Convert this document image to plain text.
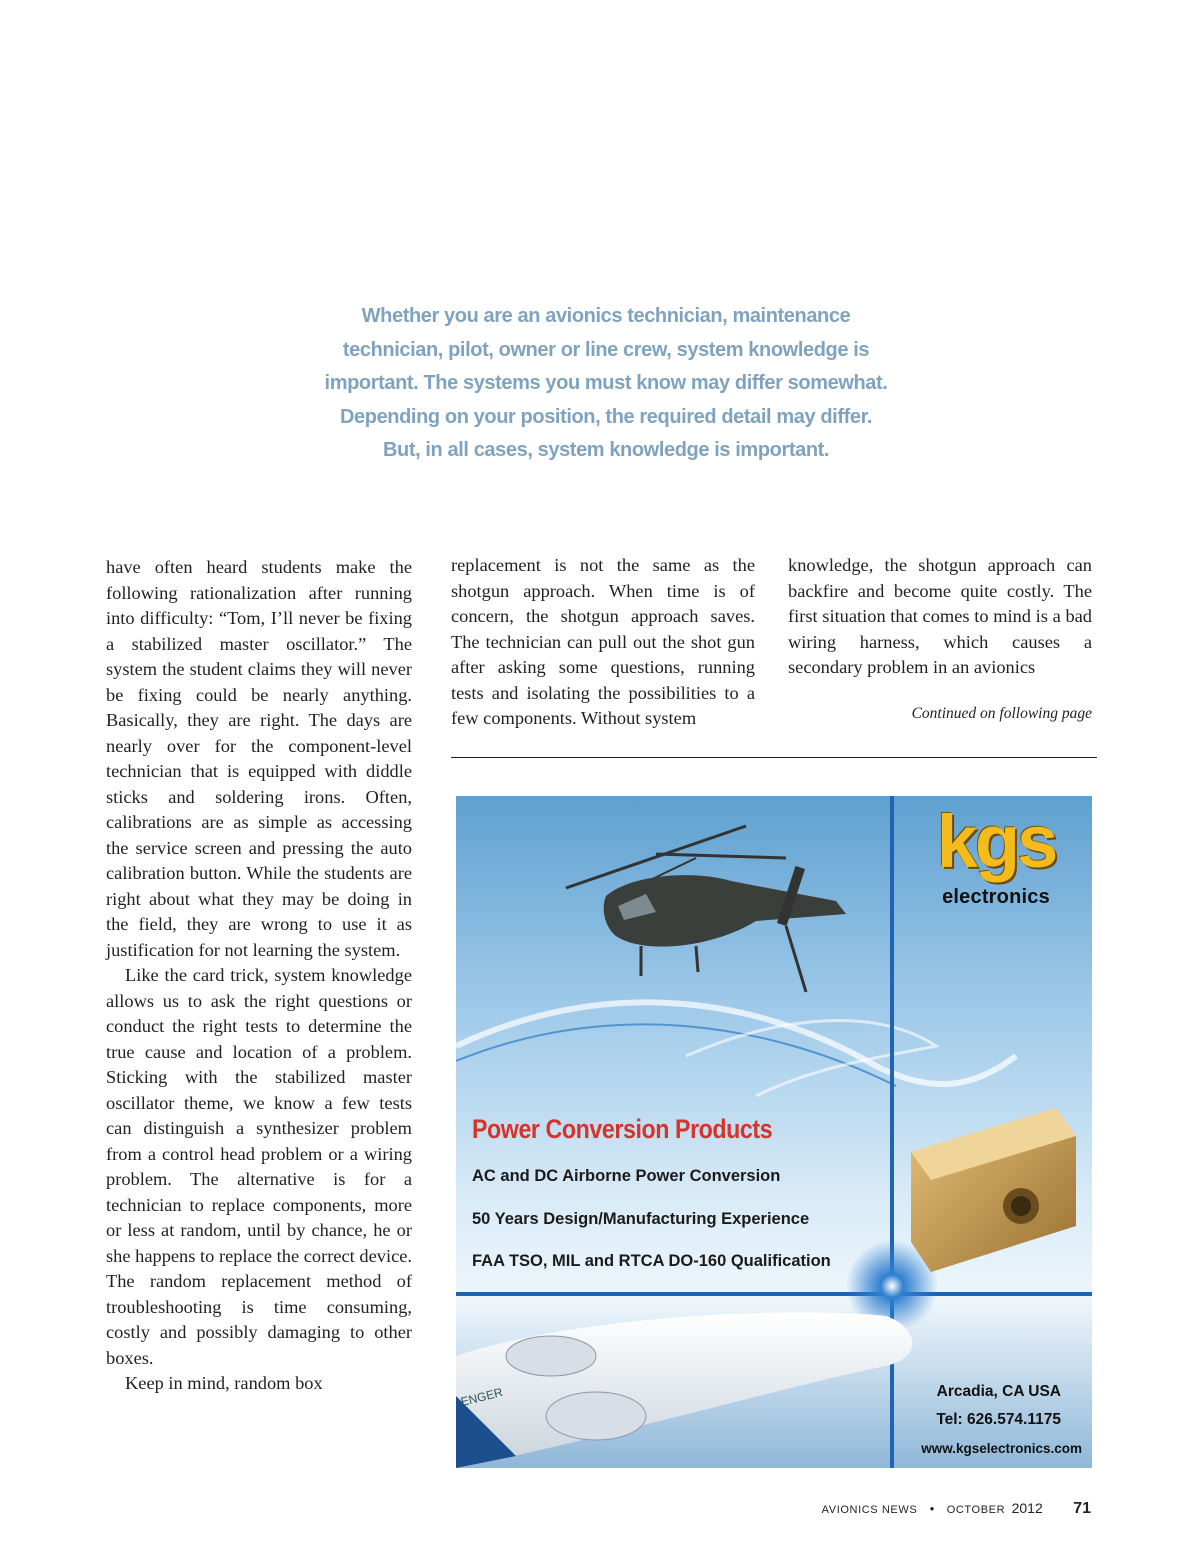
Whether you are an avionics technician, maintenance
technician, pilot, owner or line crew, system knowledge is
important. The systems you must know may differ somewhat.
Depending on your position, the required detail may differ.
But, in all cases, system knowledge is important.

have often heard students make the following rationalization after running into difficulty: “Tom, I’ll never be fixing a stabilized master oscillator.” The system the student claims they will never be fixing could be nearly anything. Basically, they are right. The days are nearly over for the component-level technician that is equipped with diddle sticks and soldering irons. Often, calibrations are as simple as accessing the service screen and pressing the auto calibration button. While the students are right about what they may be doing in the field, they are wrong to use it as justification for not learning the system.

Like the card trick, system knowledge allows us to ask the right questions or conduct the right tests to determine the true cause and location of a problem. Sticking with the stabilized master oscillator theme, we know a few tests can distinguish a synthesizer problem from a control head problem or a wiring problem. The alternative is for a technician to replace components, more or less at random, until by chance, he or she happens to replace the correct device. The random replacement method of troubleshooting is time consuming, costly and possibly damaging to other boxes.

Keep in mind, random box

replacement is not the same as the shotgun approach. When time is of concern, the shotgun approach saves. The technician can pull out the shot gun after asking some questions, running tests and isolating the possibilities to a few components. Without system

knowledge, the shotgun approach can backfire and become quite costly. The first situation that comes to mind is a bad wiring harness, which causes a secondary problem in an avionics

Continued on following page
ENGER
kgs
electronics
Power Conversion Products
AC and DC Airborne Power Conversion
50 Years Design/Manufacturing Experience
FAA TSO, MIL and RTCA DO-160 Qualification
Arcadia, CA USA
Tel: 626.574.1175
www.kgselectronics.com
AVIONICS NEWS • OCTOBER 2012 71
